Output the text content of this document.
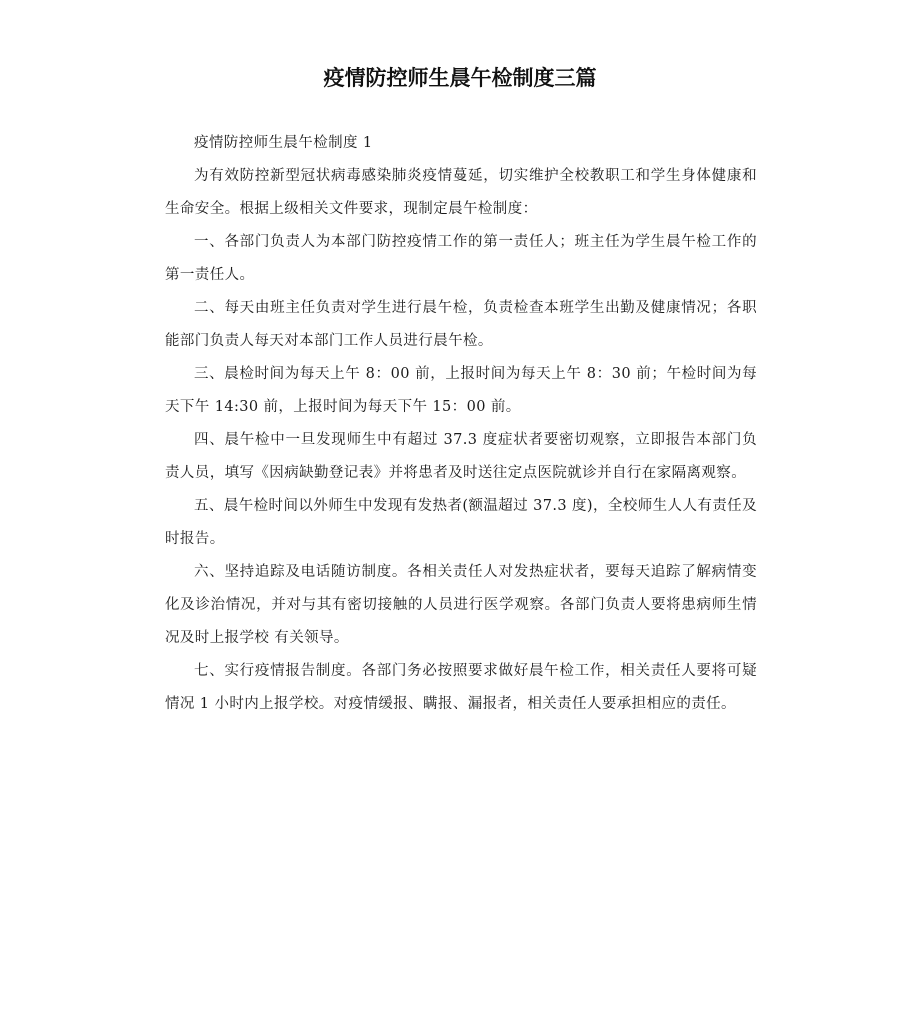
疫情防控师生晨午检制度三篇

疫情防控师生晨午检制度 1

为有效防控新型冠状病毒感染肺炎疫情蔓延，切实维护全校教职工和学生身体健康和生命安全。根据上级相关文件要求，现制定晨午检制度：

一、各部门负责人为本部门防控疫情工作的第一责任人；班主任为学生晨午检工作的第一责任人。

二、每天由班主任负责对学生进行晨午检，负责检查本班学生出勤及健康情况；各职能部门负责人每天对本部门工作人员进行晨午检。

三、晨检时间为每天上午 8：00 前，上报时间为每天上午 8：30 前；午检时间为每天下午 14:30 前，上报时间为每天下午 15：00 前。

四、晨午检中一旦发现师生中有超过 37.3 度症状者要密切观察，立即报告本部门负责人员，填写《因病缺勤登记表》并将患者及时送往定点医院就诊并自行在家隔离观察。

五、晨午检时间以外师生中发现有发热者(额温超过 37.3 度)，全校师生人人有责任及时报告。

六、坚持追踪及电话随访制度。各相关责任人对发热症状者，要每天追踪了解病情变化及诊治情况，并对与其有密切接触的人员进行医学观察。各部门负责人要将患病师生情况及时上报学校 有关领导。

七、实行疫情报告制度。各部门务必按照要求做好晨午检工作，相关责任人要将可疑情况 1 小时内上报学校。对疫情缓报、瞒报、漏报者，相关责任人要承担相应的责任。
